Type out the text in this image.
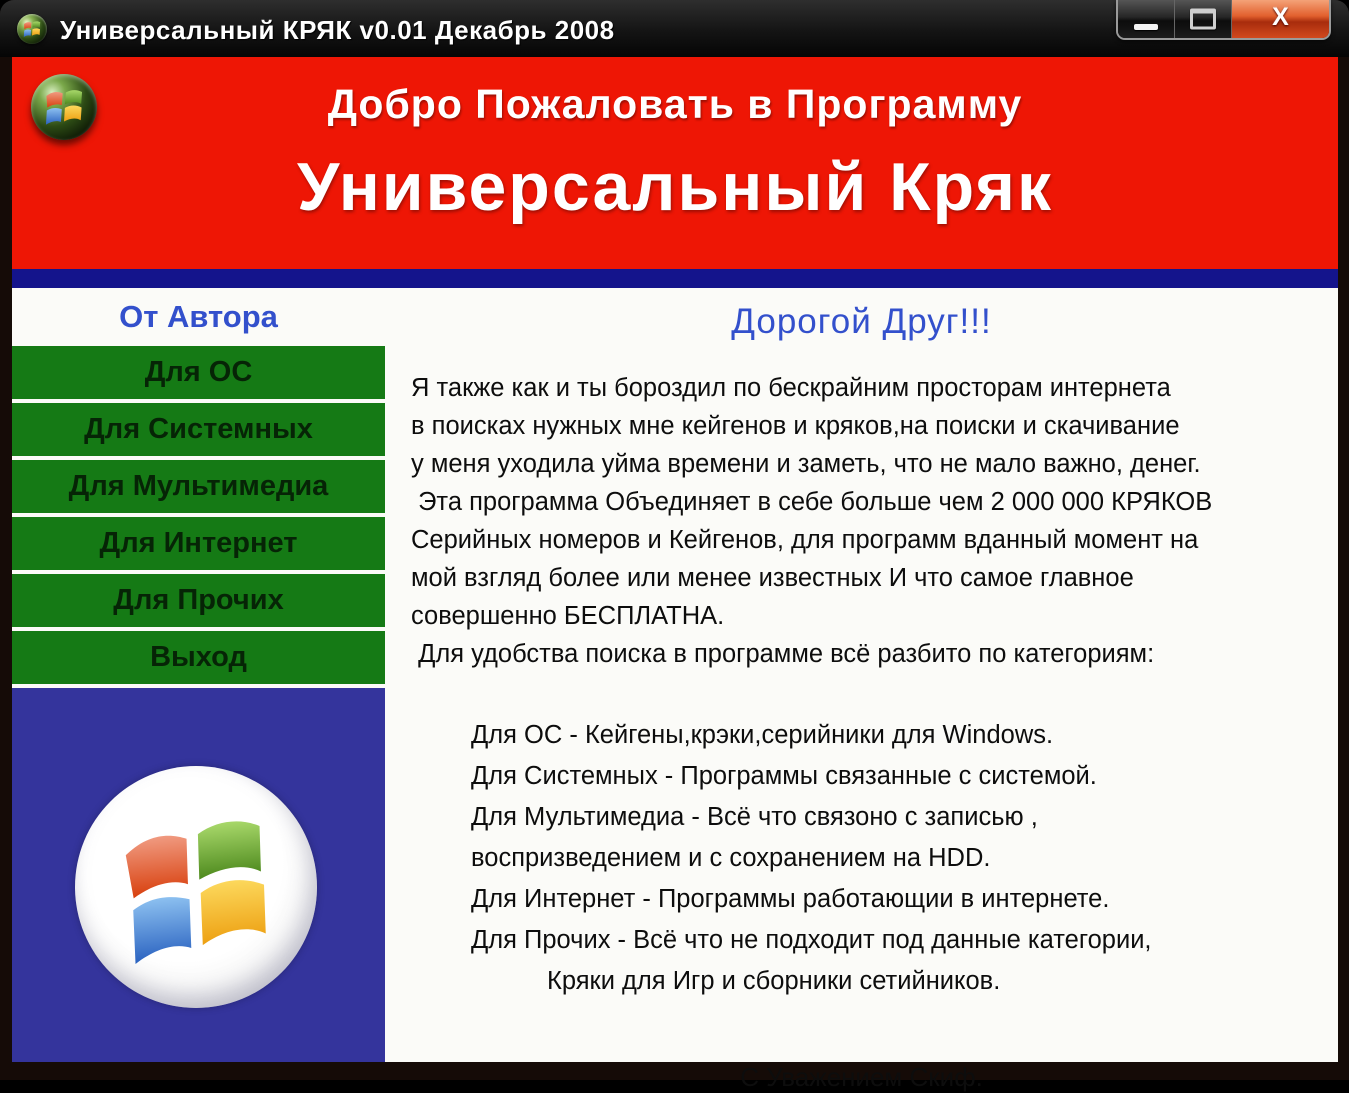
Универсальный КРЯК v0.01 Декабрь 2008	X
Добро Пожаловать в Программу
Универсальный Кряк
От Автора
Для ОС
Для Системных
Для Мультимедиа
Для Интернет
Для Прочих
Выход
Дорогой Друг!!!
Я также как и ты бороздил по бескрайним просторам интернета
в поисках нужных мне кейгенов и кряков,на поиски и скачивание
у меня уходила уйма времени и заметь, что не мало важно, денег.
Эта программа Объединяет в себе больше чем 2 000 000 КРЯКОВ
Серийных номеров и Кейгенов, для программ вданный момент на
мой взгляд более или менее известных И что самое главное
совершенно БЕСПЛАТНА.
Для удобства поиска в программе всё разбито по категориям:
Для ОС - Кейгены,крэки,серийники для Windows.
Для Системных - Программы связанные с системой.
Для Мультимедиа - Всё что связоно с записью ,
воспризведением и с сохранением на HDD.
Для Интернет - Программы работающии в интернете.
Для Прочих - Всё что не подходит под данные категории,
Кряки для Игр и сборники сетийников.
С Уважением Скиф.
